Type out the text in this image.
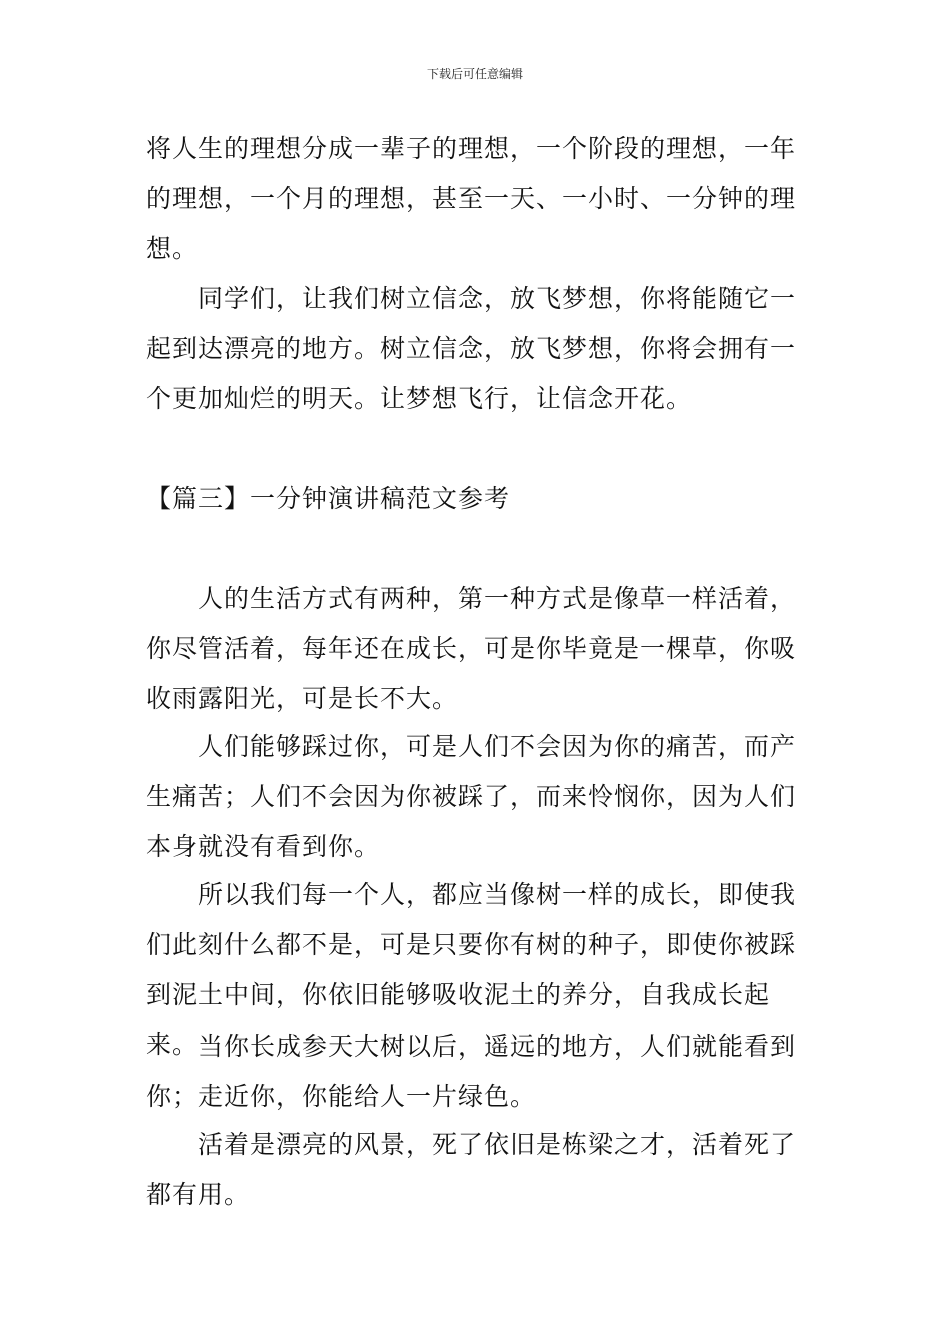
下载后可任意编辑

将人生的理想分成一辈子的理想，一个阶段的理想，一年的理想，一个月的理想，甚至一天、一小时、一分钟的理想。

同学们，让我们树立信念，放飞梦想，你将能随它一起到达漂亮的地方。树立信念，放飞梦想，你将会拥有一个更加灿烂的明天。让梦想飞行，让信念开花。

【篇三】一分钟演讲稿范文参考

人的生活方式有两种，第一种方式是像草一样活着，你尽管活着，每年还在成长，可是你毕竟是一棵草，你吸收雨露阳光，可是长不大。

人们能够踩过你，可是人们不会因为你的痛苦，而产生痛苦；人们不会因为你被踩了，而来怜悯你，因为人们本身就没有看到你。

所以我们每一个人，都应当像树一样的成长，即使我们此刻什么都不是，可是只要你有树的种子，即使你被踩到泥土中间，你依旧能够吸收泥土的养分，自我成长起来。 当你长成参天大树以后，遥远的地方，人们就能看到你；走近你，你能给人一片绿色。

活着是漂亮的风景，死了依旧是栋梁之才，活着死了都有用。
